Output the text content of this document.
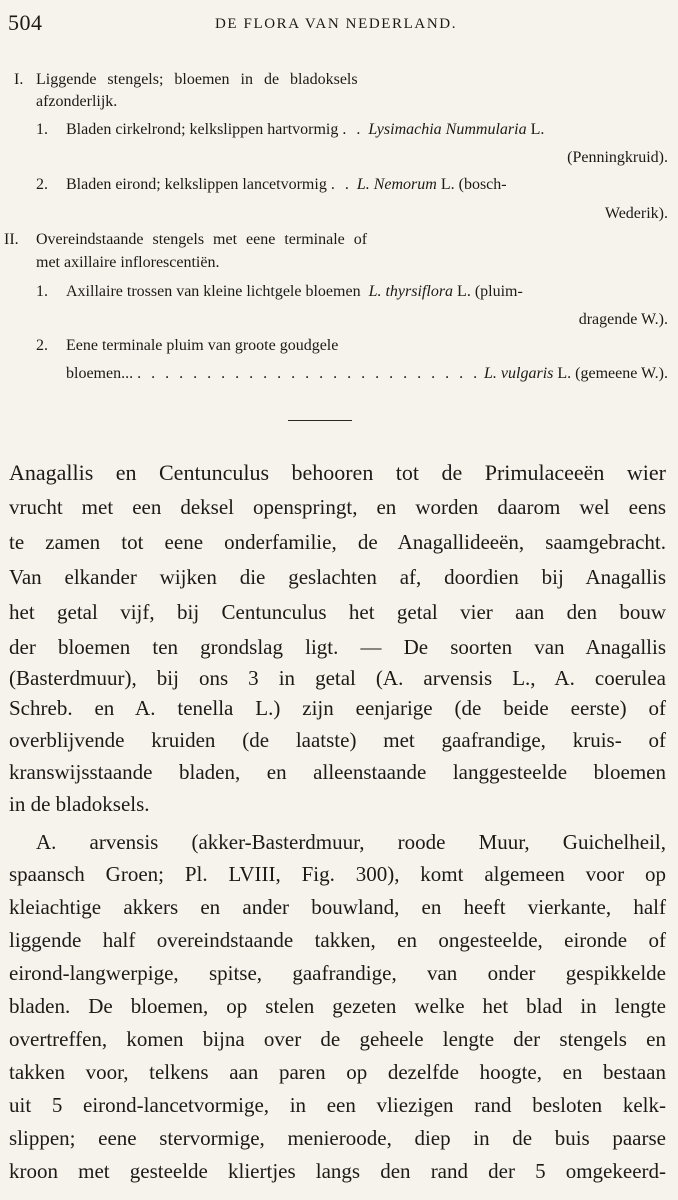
504	DE FLORA VAN NEDERLAND.
I. Liggende stengels; bloemen in de bladoksels
afzonderlijk.
1.	Bladen cirkelrond; kelkslippen hartvormig . . . Lysimachia Nummularia L.
(Penningkruid).
2.	Bladen eirond; kelkslippen lancetvormig . . . L. Nemorum L. (bosch-
Wederik).
II. Overeindstaande stengels met eene terminale of
met axillaire inflorescentiën.
1.	Axillaire trossen van kleine lichtgele bloemen L. thyrsiflora L. (pluim-
dragende W.).
2.	Eene terminale pluim van groote goudgele
bloemen... . . .	L. vulgaris L. (gemeene W.).
Anagallis en Centunculus behooren tot de Primulaceeën wier
vrucht met een deksel openspringt, en worden daarom wel eens
te zamen tot eene onderfamilie, de Anagallideeën, saamgebracht.
Van elkander wijken die geslachten af, doordien bij Anagallis
het getal vijf, bij Centunculus het getal vier aan den bouw
der bloemen ten grondslag ligt. — De soorten van Anagallis
(Basterdmuur), bij ons 3 in getal (A. arvensis L., A. coerulea
Schreb. en A. tenella L.) zijn eenjarige (de beide eerste) of
overblijvende kruiden (de laatste) met gaafrandige, kruis- of
kranswijsstaande bladen, en alleenstaande langgesteelde bloemen
in de bladoksels.
A. arvensis (akker-Basterdmuur, roode Muur, Guichelheil,
spaansch Groen; Pl. LVIII, Fig. 300), komt algemeen voor op
kleiachtige akkers en ander bouwland, en heeft vierkante, half
liggende half overeindstaande takken, en ongesteelde, eironde of
eirond-langwerpige, spitse, gaafrandige, van onder gespikkelde
bladen. De bloemen, op stelen gezeten welke het blad in lengte
overtreffen, komen bijna over de geheele lengte der stengels en
takken voor, telkens aan paren op dezelfde hoogte, en bestaan
uit 5 eirond-lancetvormige, in een vliezigen rand besloten kelk-
slippen; eene stervormige, menieroode, diep in de buis paarse
kroon met gesteelde kliertjes langs den rand der 5 omgekeerd-
